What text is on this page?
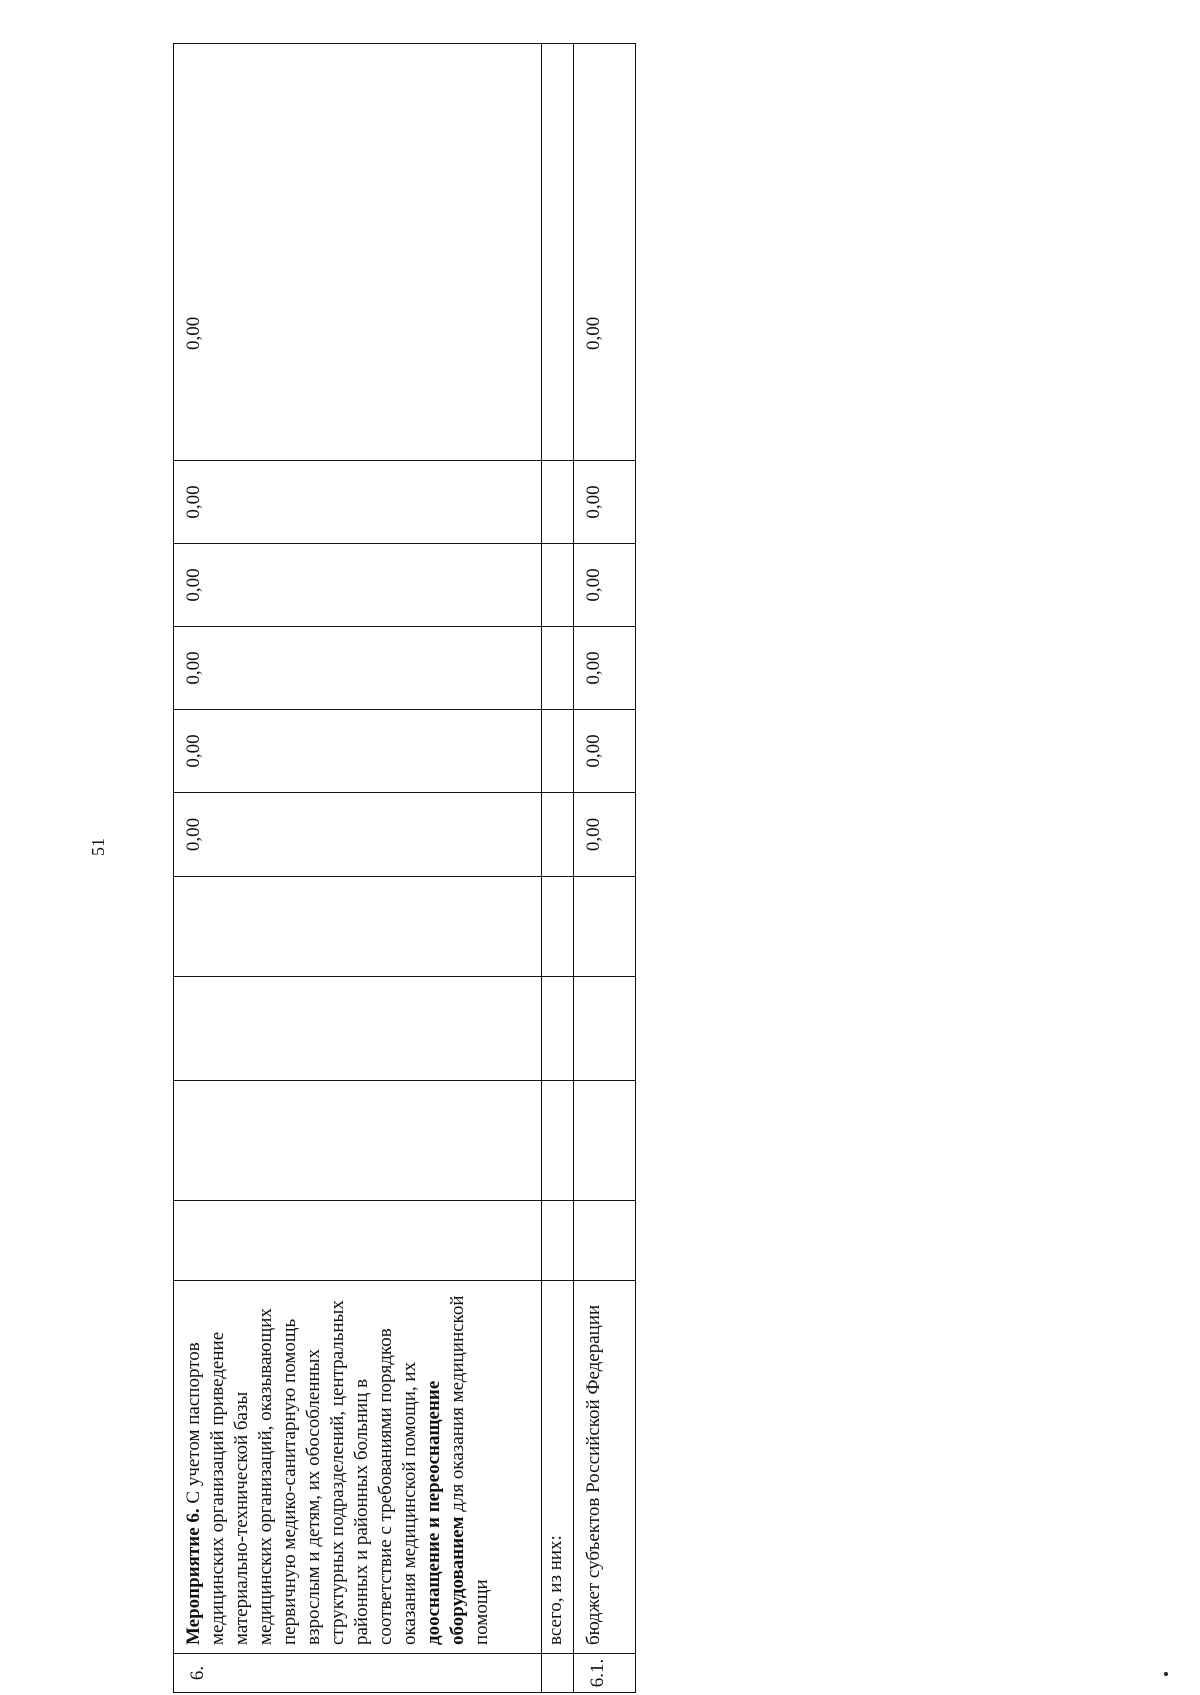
51
6.	Мероприятие 6. С учетом паспортов медицинских организаций приведение материально-технической базы медицинских организаций, оказывающих первичную медико-санитарную помощь взрослым и детям, их обособленных структурных подразделений, центральных районных и районных больниц в соответствие с требованиями порядков оказания медицинской помощи, их дооснащение и переоснащение оборудованием для оказания медицинской помощи					0,00	0,00	0,00	0,00	0,00	0,00
	всего, из них:										
6.1.	бюджет субъектов Российской Федерации					0,00	0,00	0,00	0,00	0,00	0,00
